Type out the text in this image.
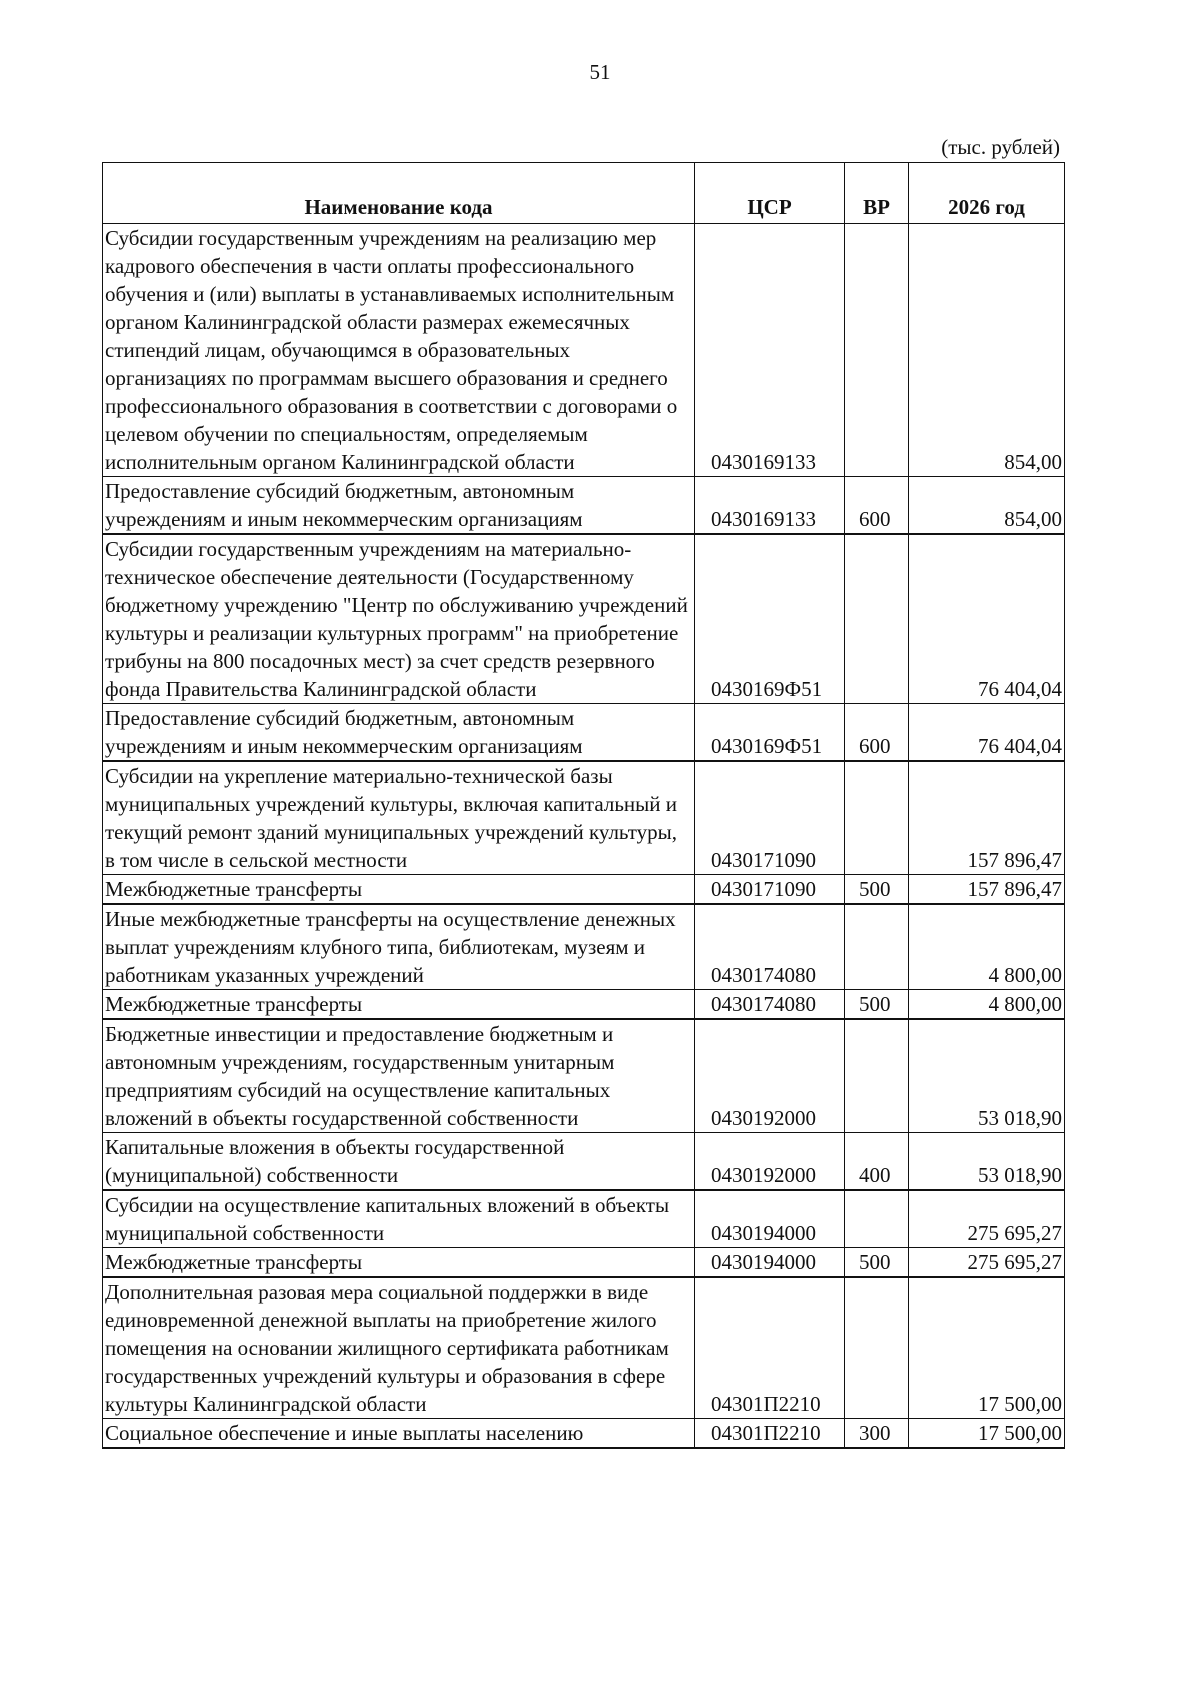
51
(тыс. рублей)
Наименование кода	ЦСР	ВР	2026 год
Субсидии государственным учреждениям на реализацию мер кадрового обеспечения в части оплаты профессионального обучения и (или) выплаты в устанавливаемых исполнительным органом Калининградской области размерах ежемесячных стипендий лицам, обучающимся в образовательных организациях по программам высшего образования и среднего профессионального образования в соответствии с договорами о целевом обучении по специальностям, определяемым исполнительным органом Калининградской области	0430169133		854,00
Предоставление субсидий бюджетным, автономным учреждениям и иным некоммерческим организациям	0430169133	600	854,00
Субсидии государственным учреждениям на материально-техническое обеспечение деятельности (Государственному бюджетному учреждению "Центр по обслуживанию учреждений культуры и реализации культурных программ" на приобретение трибуны на 800 посадочных мест) за счет средств резервного фонда Правительства Калининградской области	0430169Ф51		76 404,04
Предоставление субсидий бюджетным, автономным учреждениям и иным некоммерческим организациям	0430169Ф51	600	76 404,04
Субсидии на укрепление материально-технической базы муниципальных учреждений культуры, включая капитальный и текущий ремонт зданий муниципальных учреждений культуры, в том числе в сельской местности	0430171090		157 896,47
Межбюджетные трансферты	0430171090	500	157 896,47
Иные межбюджетные трансферты на осуществление денежных выплат учреждениям клубного типа, библиотекам, музеям и работникам указанных учреждений	0430174080		4 800,00
Межбюджетные трансферты	0430174080	500	4 800,00
Бюджетные инвестиции и предоставление бюджетным и автономным учреждениям, государственным унитарным предприятиям субсидий на осуществление капитальных вложений в объекты государственной собственности	0430192000		53 018,90
Капитальные вложения в объекты государственной (муниципальной) собственности	0430192000	400	53 018,90
Субсидии на осуществление капитальных вложений в объекты муниципальной собственности	0430194000		275 695,27
Межбюджетные трансферты	0430194000	500	275 695,27
Дополнительная разовая мера социальной поддержки в виде единовременной денежной выплаты на приобретение жилого помещения на основании жилищного сертификата работникам государственных учреждений культуры и образования в сфере культуры Калининградской области	04301П2210		17 500,00
Социальное обеспечение и иные выплаты населению	04301П2210	300	17 500,00
